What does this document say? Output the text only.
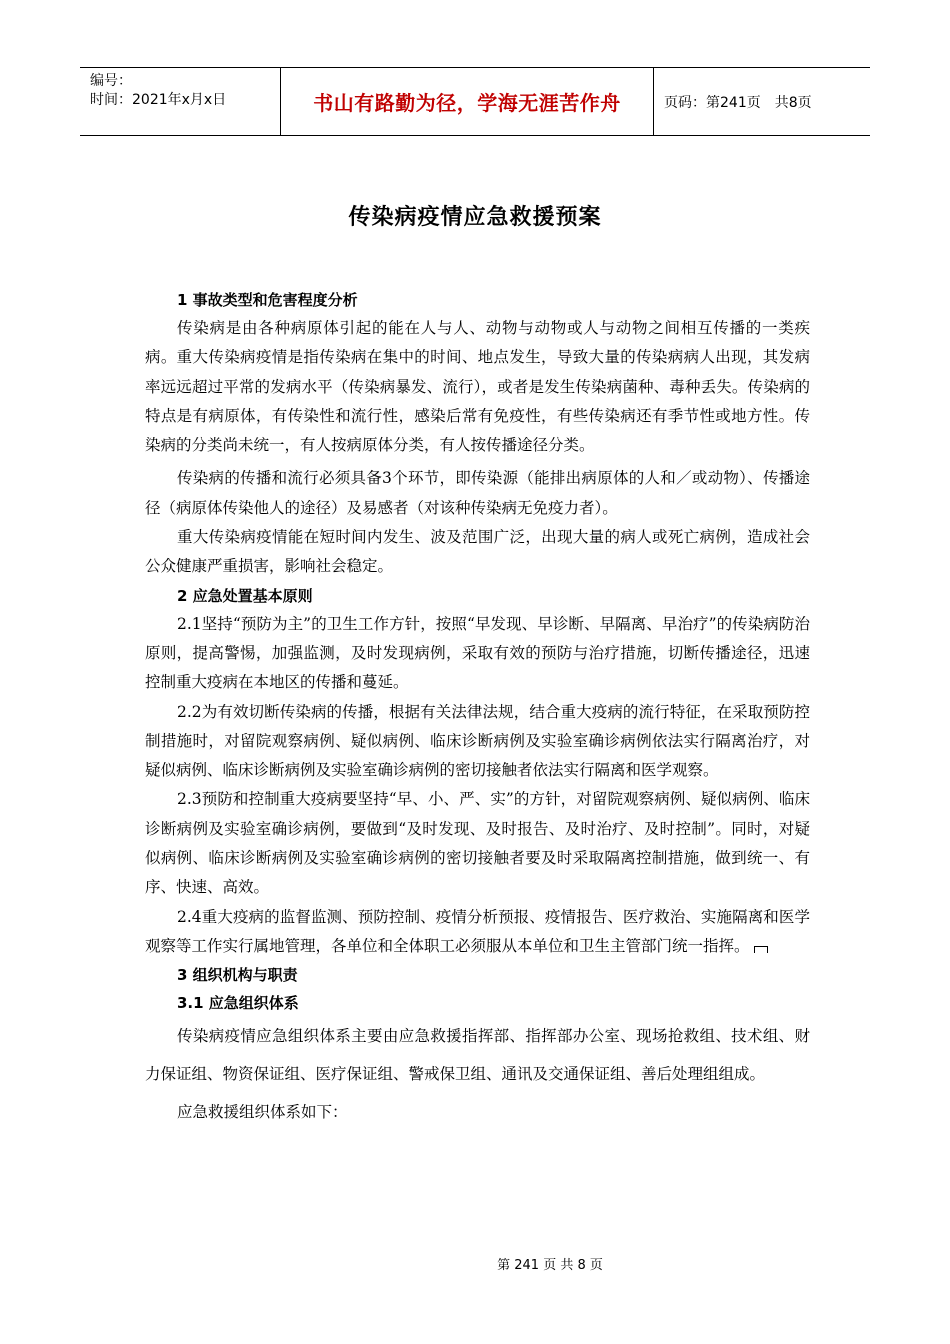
编号：
时间：2021年x月x日	书山有路勤为径，学海无涯苦作舟	页码：第241页 共8页
传染病疫情应急救援预案
1 事故类型和危害程度分析

传染病是由各种病原体引起的能在人与人、动物与动物或人与动物之间相互传播的一类疾病。重大传染病疫情是指传染病在集中的时间、地点发生，导致大量的传染病病人出现，其发病率远远超过平常的发病水平（传染病暴发、流行），或者是发生传染病菌种、毒种丢失。传染病的特点是有病原体，有传染性和流行性，感染后常有免疫性，有些传染病还有季节性或地方性。传染病的分类尚未统一，有人按病原体分类，有人按传播途径分类。

传染病的传播和流行必须具备3个环节，即传染源（能排出病原体的人和／或动物）、传播途径（病原体传染他人的途径）及易感者（对该种传染病无免疫力者）。

重大传染病疫情能在短时间内发生、波及范围广泛，出现大量的病人或死亡病例，造成社会公众健康严重损害，影响社会稳定。

2 应急处置基本原则

2.1坚持“预防为主”的卫生工作方针，按照“早发现、早诊断、早隔离、早治疗”的传染病防治原则，提高警惕，加强监测，及时发现病例，采取有效的预防与治疗措施，切断传播途径，迅速控制重大疫病在本地区的传播和蔓延。

2.2为有效切断传染病的传播，根据有关法律法规，结合重大疫病的流行特征，在采取预防控制措施时，对留院观察病例、疑似病例、临床诊断病例及实验室确诊病例依法实行隔离治疗，对疑似病例、临床诊断病例及实验室确诊病例的密切接触者依法实行隔离和医学观察。

2.3预防和控制重大疫病要坚持“早、小、严、实”的方针，对留院观察病例、疑似病例、临床诊断病例及实验室确诊病例，要做到“及时发现、及时报告、及时治疗、及时控制”。同时，对疑似病例、临床诊断病例及实验室确诊病例的密切接触者要及时采取隔离控制措施，做到统一、有序、快速、高效。

2.4重大疫病的监督监测、预防控制、疫情分析预报、疫情报告、医疗救治、实施隔离和医学观察等工作实行属地管理，各单位和全体职工必须服从本单位和卫生主管部门统一指挥。

3 组织机构与职责
3.1 应急组织体系

传染病疫情应急组织体系主要由应急救援指挥部、指挥部办公室、现场抢救组、技术组、财力保证组、物资保证组、医疗保证组、警戒保卫组、通讯及交通保证组、善后处理组组成。

应急救援组织体系如下：

第 241 页 共 8 页
